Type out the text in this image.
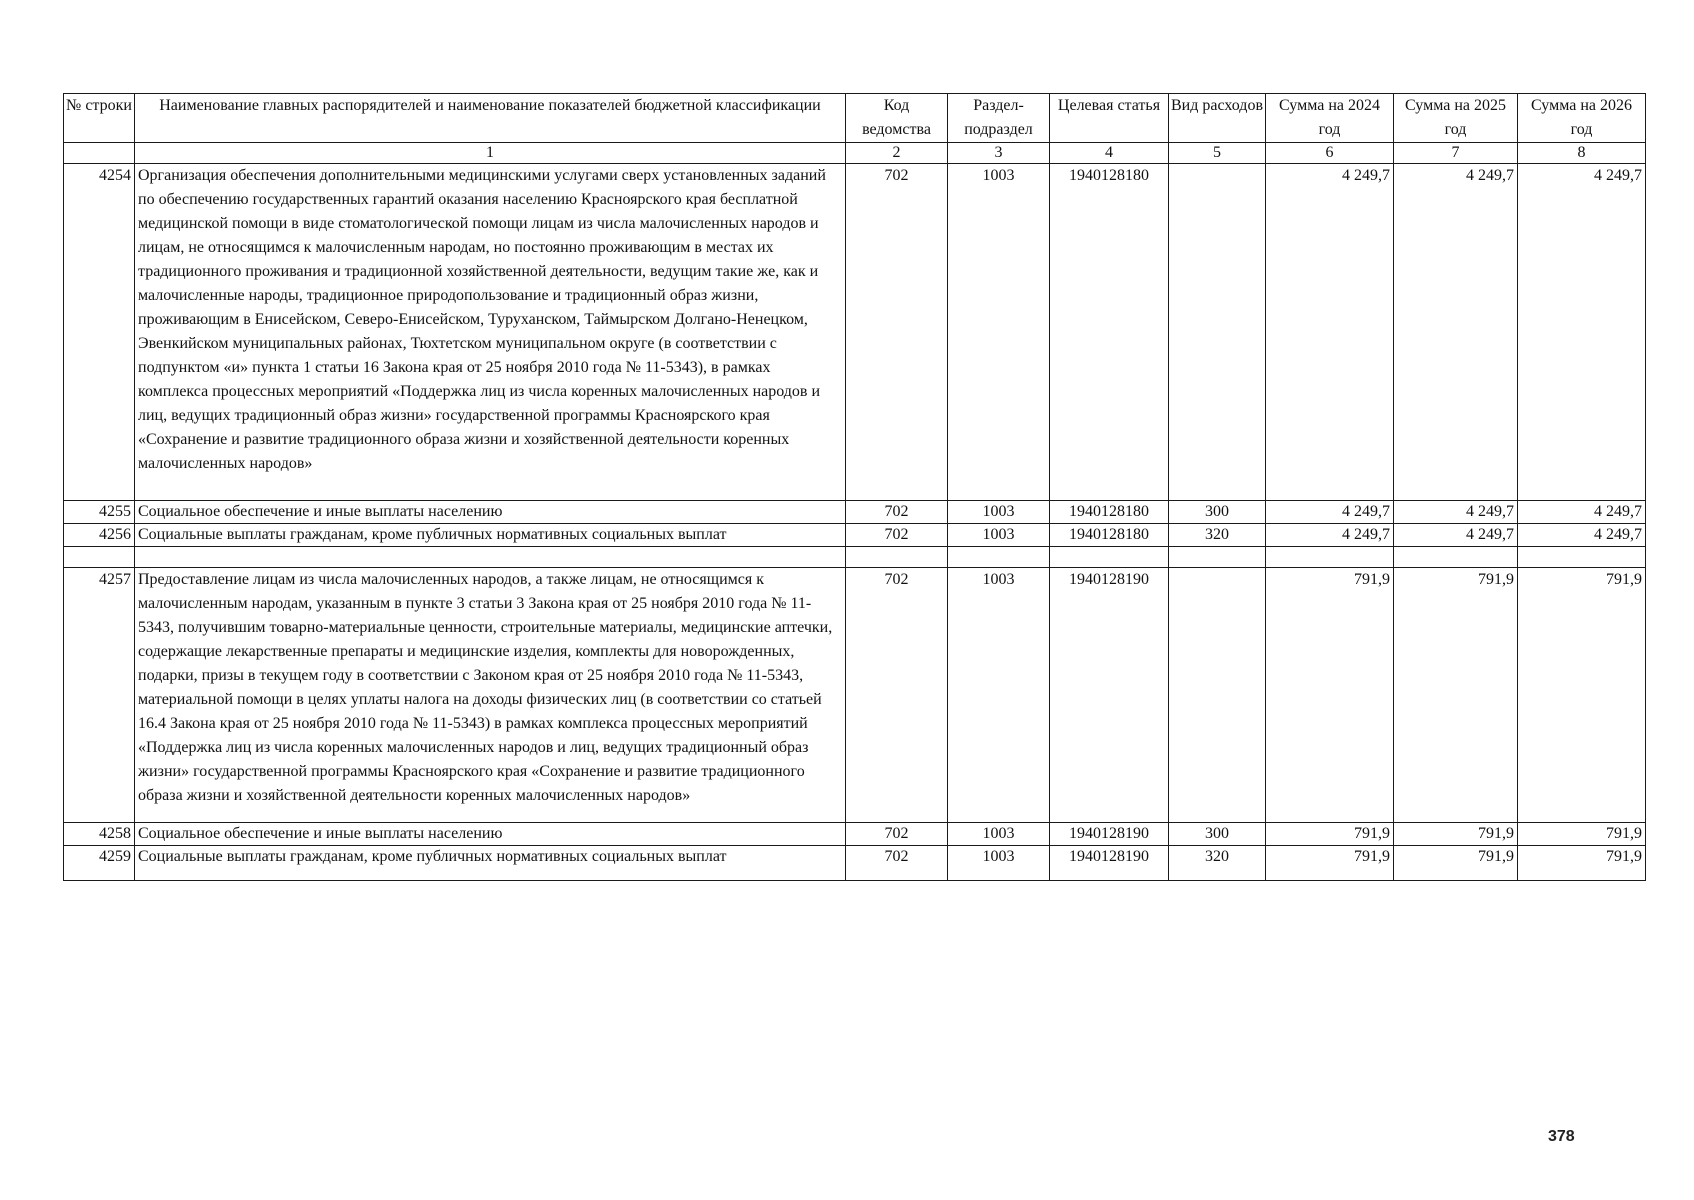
№ строки	Наименование главных распорядителей и наименование показателей бюджетной классификации	Код ведомства	Раздел-подраздел	Целевая статья	Вид расходов	Сумма на 2024 год	Сумма на 2025 год	Сумма на 2026 год
	1	2	3	4	5	6	7	8
4254	Организация обеспечения дополнительными медицинскими услугами сверх установленных заданий по обеспечению государственных гарантий оказания населению Красноярского края бесплатной медицинской помощи в виде стоматологической помощи лицам из числа малочисленных народов и лицам, не относящимся к малочисленным народам, но постоянно проживающим в местах их традиционного проживания и традиционной хозяйственной деятельности, ведущим такие же, как и малочисленные народы, традиционное природопользование и традиционный образ жизни, проживающим в Енисейском, Северо-Енисейском, Туруханском, Таймырском Долгано-Ненецком, Эвенкийском муниципальных районах, Тюхтетском муниципальном округе (в соответствии с подпунктом «и» пункта 1 статьи 16 Закона края от 25 ноября 2010 года № 11-5343), в рамках комплекса процессных мероприятий «Поддержка лиц из числа коренных малочисленных народов и лиц, ведущих традиционный образ жизни» государственной программы Красноярского края «Сохранение и развитие традиционного образа жизни и хозяйственной деятельности коренных малочисленных народов»	702	1003	1940128180		4 249,7	4 249,7	4 249,7
4255	Социальное обеспечение и иные выплаты населению	702	1003	1940128180	300	4 249,7	4 249,7	4 249,7
4256	Социальные выплаты гражданам, кроме публичных нормативных социальных выплат	702	1003	1940128180	320	4 249,7	4 249,7	4 249,7

4257	Предоставление лицам из числа малочисленных народов, а также лицам, не относящимся к малочисленным народам, указанным в пункте 3 статьи 3 Закона края от 25 ноября 2010 года № 11-5343, получившим товарно-материальные ценности, строительные материалы, медицинские аптечки, содержащие лекарственные препараты и медицинские изделия, комплекты для новорожденных, подарки, призы в текущем году в соответствии с Законом края от 25 ноября 2010 года № 11-5343, материальной помощи в целях уплаты налога на доходы физических лиц (в соответствии со статьей 16.4 Закона края от 25 ноября 2010 года № 11-5343) в рамках комплекса процессных мероприятий «Поддержка лиц из числа коренных малочисленных народов и лиц, ведущих традиционный образ жизни» государственной программы Красноярского края «Сохранение и развитие традиционного образа жизни и хозяйственной деятельности коренных малочисленных народов»	702	1003	1940128190		791,9	791,9	791,9
4258	Социальное обеспечение и иные выплаты населению	702	1003	1940128190	300	791,9	791,9	791,9
4259	Социальные выплаты гражданам, кроме публичных нормативных социальных выплат	702	1003	1940128190	320	791,9	791,9	791,9
378
